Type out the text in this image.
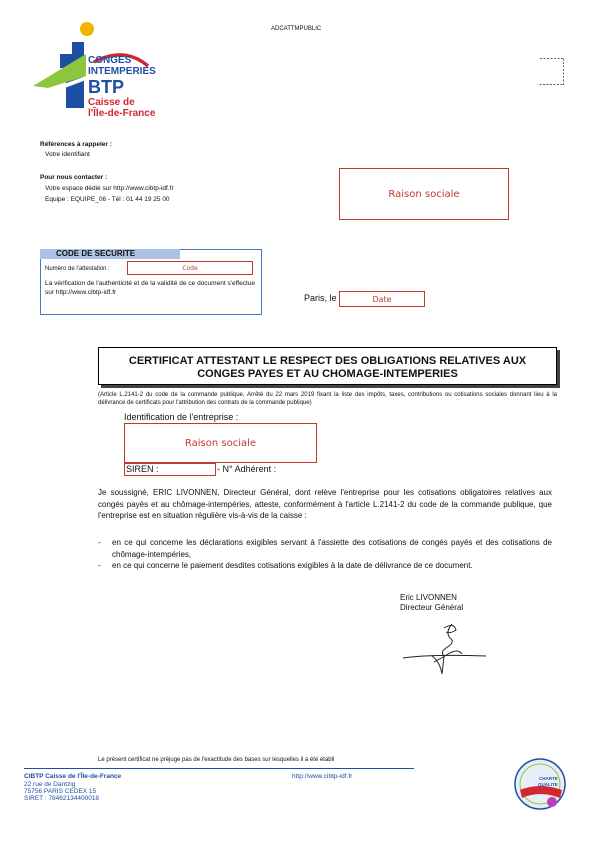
ADCATTMPUBLIC
CONGES
INTEMPERIES
BTP
Caisse de
l'Île-de-France
Références à rappeler :
Votre identifiant
Pour nous contacter :
Votre espace dédié sur http://www.cibtp-idf.fr
Equipe : EQUIPE_06 - Tél : 01 44 19 25 00	Raison sociale
CODE DE SECURITE
Numéro de l'attestation :	Code
La vérification de l'authenticité et de la validité de ce document s'effectue sur http://www.cibtp-idf.fr
Paris, le	Date
CERTIFICAT ATTESTANT LE RESPECT DES OBLIGATIONS RELATIVES AUX
CONGES PAYES ET AU CHOMAGE-INTEMPERIES
(Article L.2141-2 du code de la commande publique, Arrêté du 22 mars 2019 fixant la liste des impôts, taxes, contributions ou cotisations sociales donnant lieu à la délivrance de certificats pour l'attribution des contrats de la commande publique)
Identification de l'entreprise :
Raison sociale
SIREN :	- N° Adhérent :
Je soussigné, ERIC LIVONNEN, Directeur Général, dont relève l'entreprise pour les cotisations obligatoires relatives aux congés payés et au chômage-intempéries, atteste, conformément à l'article L.2141-2 du code de la commande publique, que l'entreprise est en situation régulière vis-à-vis de la caisse :
-	en ce qui concerne les déclarations exigibles servant à l'assiette des cotisations de congés payés et des cotisations de chômage-intempéries,
-	en ce qui concerne le paiement desdites cotisations exigibles à la date de délivrance de ce document.
Eric LIVONNEN
Directeur Général
Le présent certificat ne préjuge pas de l'exactitude des bases sur lesquelles il a été établi
CIBTP Caisse de l'Île-de-France
22 rue de Dantzig
75756 PARIS CEDEX 15
SIRET : 78462134400018
http://www.cibtp-idf.fr	CHARTE
QUALITE
